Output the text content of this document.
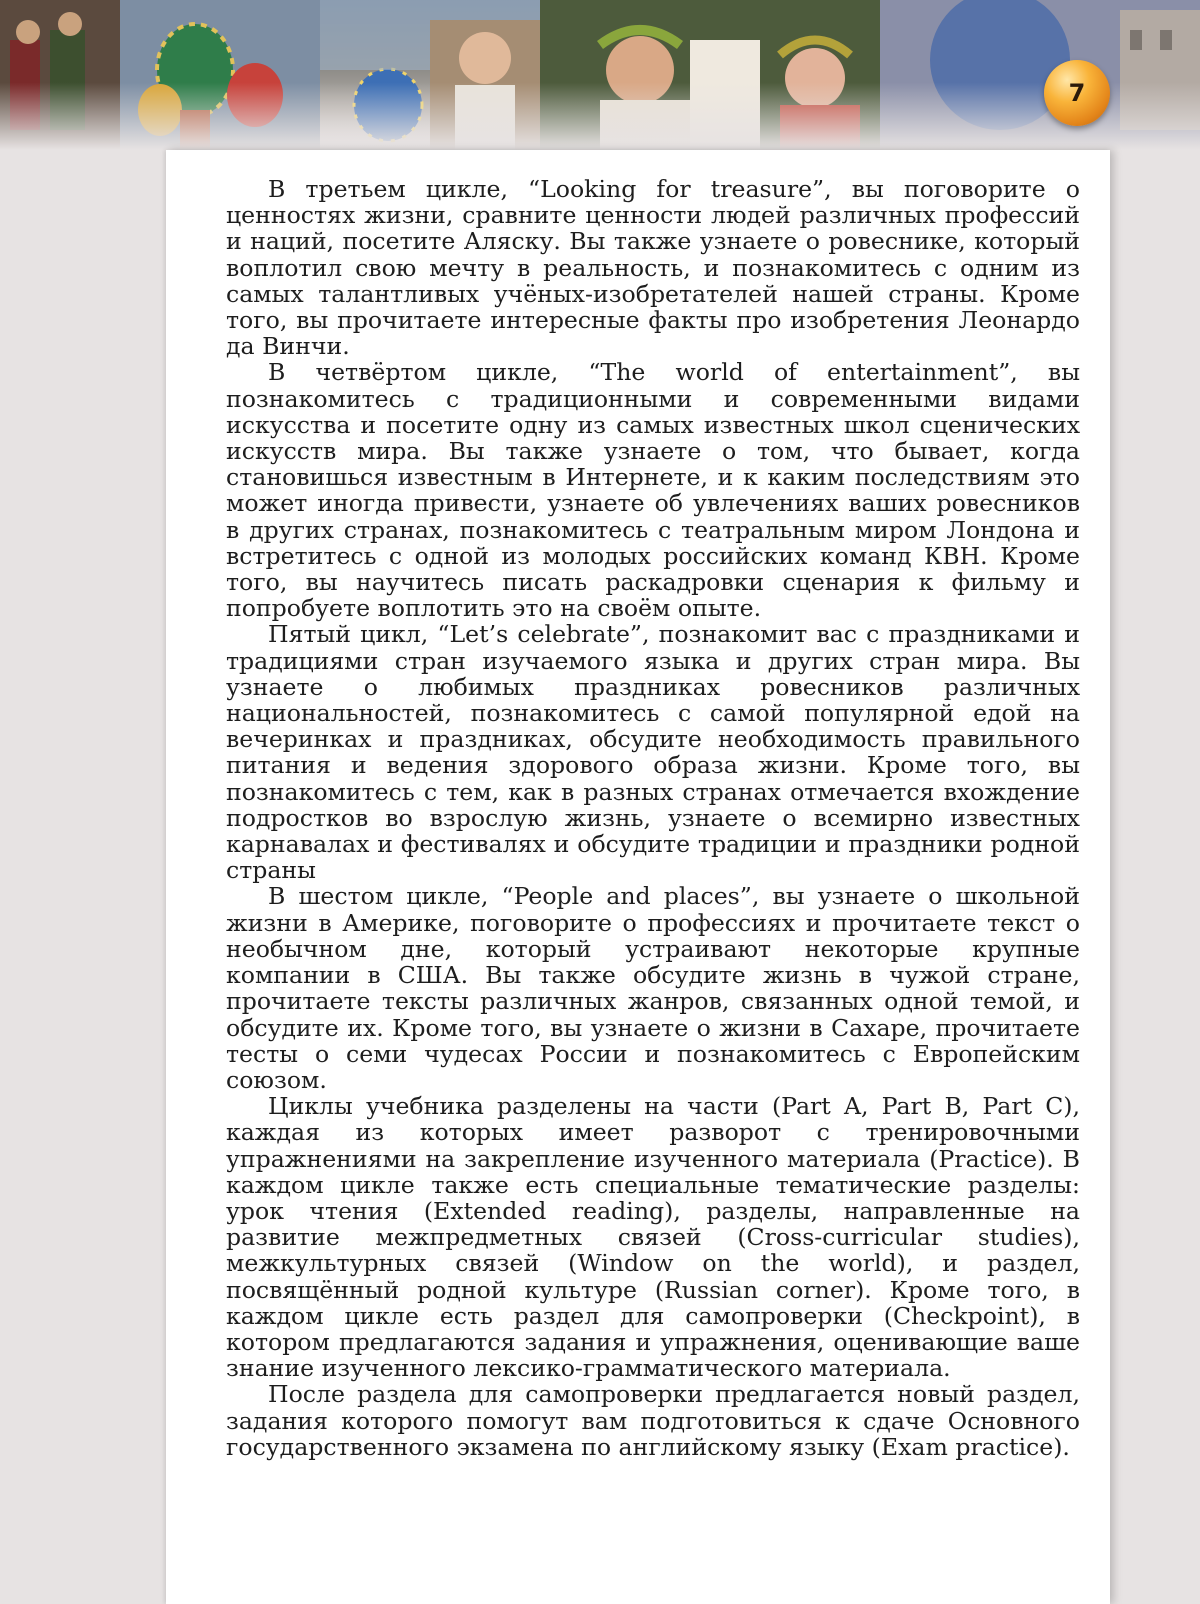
7

В третьем цикле, “Looking for treasure”, вы поговорите о ценностях жизни, сравните ценности людей различных профессий и наций, посетите Аляску. Вы также узнаете о ровеснике, который воплотил свою мечту в реальность, и познакомитесь с одним из самых талантливых учёных-изобретателей нашей страны. Кроме того, вы прочитаете интересные факты про изобретения Леонардо да Винчи.

В четвёртом цикле, “The world of entertainment”, вы познакомитесь с традиционными и современными видами искусства и посетите одну из самых известных школ сценических искусств мира. Вы также узнаете о том, что бывает, когда становишься известным в Интернете, и к каким последствиям это может иногда привести, узнаете об увлечениях ваших ровесников в других странах, познакомитесь с театральным миром Лондона и встретитесь с одной из молодых российских команд КВН. Кроме того, вы научитесь писать раскадровки сценария к фильму и попробуете воплотить это на своём опыте.

Пятый цикл, “Let’s celebrate”, познакомит вас с праздниками и традициями стран изучаемого языка и других стран мира. Вы узнаете о любимых праздниках ровесников различных национальностей, познакомитесь с самой популярной едой на вечеринках и праздниках, обсудите необходимость правильного питания и ведения здорового образа жизни. Кроме того, вы познакомитесь с тем, как в разных странах отмечается вхождение подростков во взрослую жизнь, узнаете о всемирно известных карнавалах и фестивалях и обсудите традиции и праздники родной страны

В шестом цикле, “People and places”, вы узнаете о школьной жизни в Америке, поговорите о профессиях и прочитаете текст о необычном дне, который устраивают некоторые крупные компании в США. Вы также обсудите жизнь в чужой стране, прочитаете тексты различных жанров, связанных одной темой, и обсудите их. Кроме того, вы узнаете о жизни в Сахаре, прочитаете тесты о семи чудесах России и познакомитесь с Европейским союзом.

Циклы учебника разделены на части (Part A, Part B, Part C), каждая из которых имеет разворот с тренировочными упражнениями на закрепление изученного материала (Practice). В каждом цикле также есть специальные тематические разделы: урок чтения (Extended reading), разделы, направленные на развитие межпредметных связей (Cross-curricular studies), межкультурных связей (Window on the world), и раздел, посвящённый родной культуре (Russian corner). Кроме того, в каждом цикле есть раздел для самопроверки (Checkpoint), в котором предлагаются задания и упражнения, оценивающие ваше знание изученного лексико-грамматического материала.

После раздела для самопроверки предлагается новый раздел, задания которого помогут вам подготовиться к сдаче Основного государственного экзамена по английскому языку (Exam practice).
